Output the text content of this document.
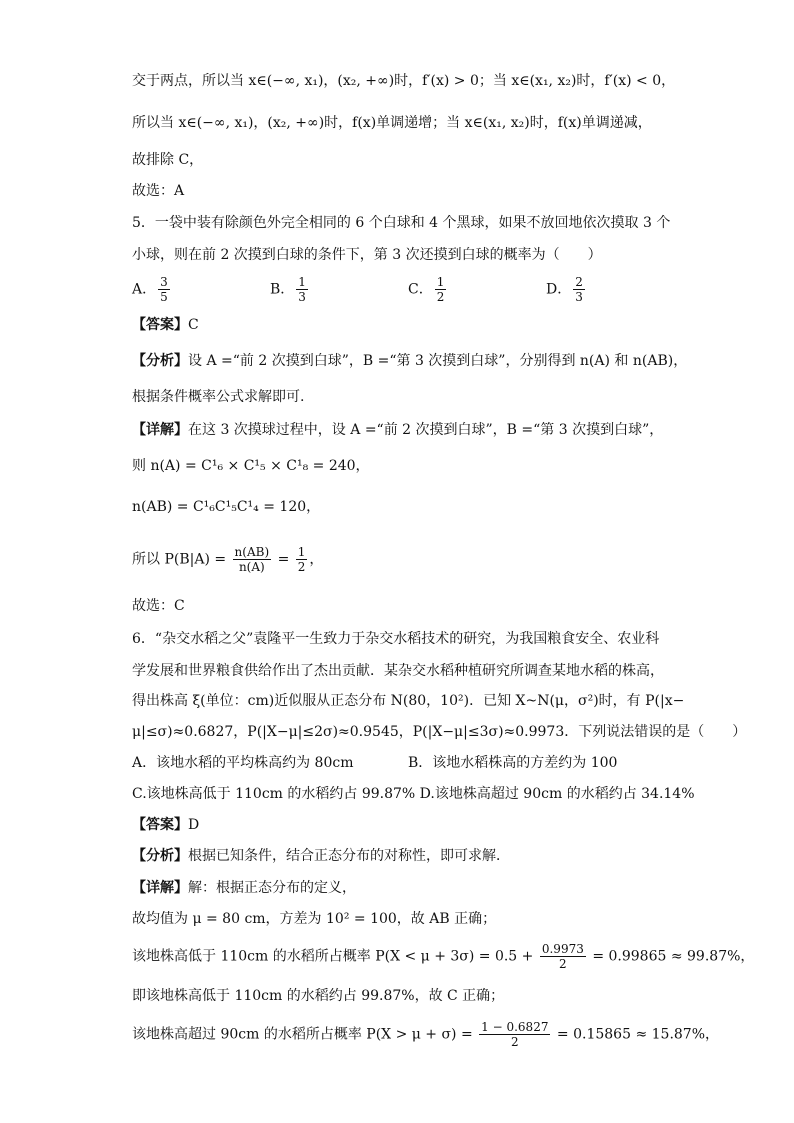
交于两点，所以当 x∈(−∞, x₁)，(x₂, +∞)时，f′(x) > 0；当 x∈(x₁, x₂)时，f′(x) < 0，
所以当 x∈(−∞, x₁)，(x₂, +∞)时，f(x)单调递增；当 x∈(x₁, x₂)时，f(x)单调递减，
故排除 C，
故选：A
5．一袋中装有除颜色外完全相同的 6 个白球和 4 个黑球，如果不放回地依次摸取 3 个
小球，则在前 2 次摸到白球的条件下，第 3 次还摸到白球的概率为（　　）
A． $\frac{3}{5}$	B． $\frac{1}{3}$	C． $\frac{1}{2}$	D． $\frac{2}{3}$
【答案】C
【分析】设 A =“前 2 次摸到白球”，B =“第 3 次摸到白球”，分别得到 n(A) 和 n(AB)，
根据条件概率公式求解即可.
【详解】在这 3 次摸球过程中，设 A =“前 2 次摸到白球”，B =“第 3 次摸到白球”，
则 n(A) = C¹₆ × C¹₅ × C¹₈ = 240，
n(AB) = C¹₆C¹₅C¹₄ = 120，
所以 $P(B|A) = \frac{n(AB)}{n(A)} = \frac{1}{2}$ ，
故选：C
6．“杂交水稻之父”袁隆平一生致力于杂交水稻技术的研究，为我国粮食安全、农业科
学发展和世界粮食供给作出了杰出贡献．某杂交水稻种植研究所调查某地水稻的株高，
得出株高 ξ(单位：cm)近似服从正态分布 N(80，10²)．已知 X~N(μ，σ²)时，有 P(|x−
μ|≤σ)≈0.6827，P(|X−μ|≤2σ)≈0.9545，P(|X−μ|≤3σ)≈0.9973．下列说法错误的是（　　）
A．该地水稻的平均株高约为 80cm	B．该地水稻株高的方差约为 100
C.该地株高低于 110cm 的水稻约占 99.87% D.该地株高超过 90cm 的水稻约占 34.14%
【答案】D
【分析】根据已知条件，结合正态分布的对称性，即可求解．
【详解】解：根据正态分布的定义，
故均值为 μ = 80 cm，方差为 10² = 100，故 AB 正确；
该地株高低于 110cm 的水稻所占概率 $P(X < \mu + 3\sigma) = 0.5 + \frac{0.9973}{2} = 0.99865 \approx 99.87\%$，
即该地株高低于 110cm 的水稻约占 99.87%，故 C 正确；
该地株高超过 90cm 的水稻所占概率 $P(X > \mu + \sigma) = \frac{1 - 0.6827}{2} = 0.15865 \approx 15.87\%$，
